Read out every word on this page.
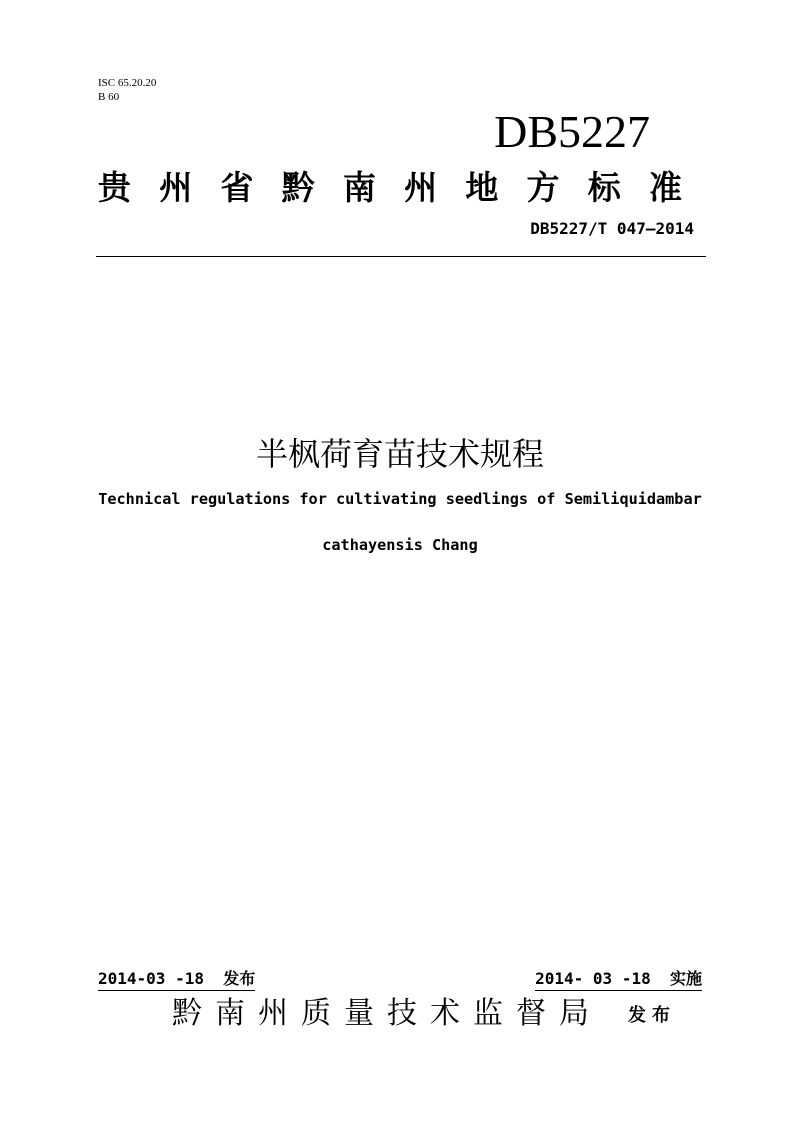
ISC 65.20.20
B 60
DB5227
贵州省黔南州地方标准
DB5227/T 047—2014
半枫荷育苗技术规程
Technical regulations for cultivating seedlings of Semiliquidambar
cathayensis Chang
2014-03 -18 发布	2014- 03 -18 实施
黔南州质量技术监督局 发布
